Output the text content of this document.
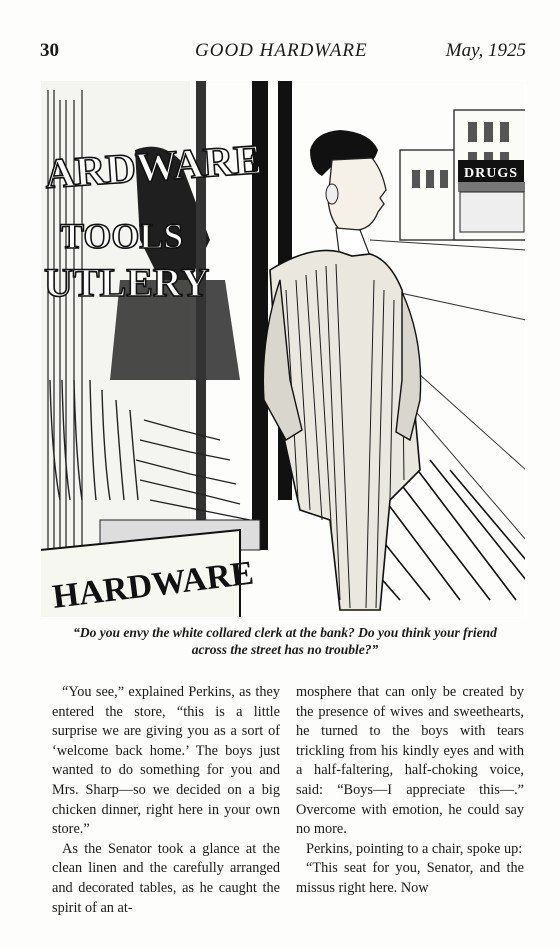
30	GOOD HARDWARE	May, 1925
ARDWARE
TOOLS
UTLERY
HARDWARE
DRUGS
“Do you envy the white collared clerk at the bank? Do you think your friend across the street has no trouble?”

“You see,” explained Perkins, as they entered the store, “this is a little surprise we are giving you as a sort of ‘welcome back home.’ The boys just wanted to do something for you and Mrs. Sharp—so we decided on a big chicken dinner, right here in your own store.”

As the Senator took a glance at the clean linen and the carefully arranged and decorated tables, as he caught the spirit of an at-

mosphere that can only be created by the presence of wives and sweethearts, he turned to the boys with tears trickling from his kindly eyes and with a half-faltering, half-choking voice, said: “Boys—I appreciate this—.” Overcome with emotion, he could say no more.

Perkins, pointing to a chair, spoke up:

“This seat for you, Senator, and the missus right here. Now
